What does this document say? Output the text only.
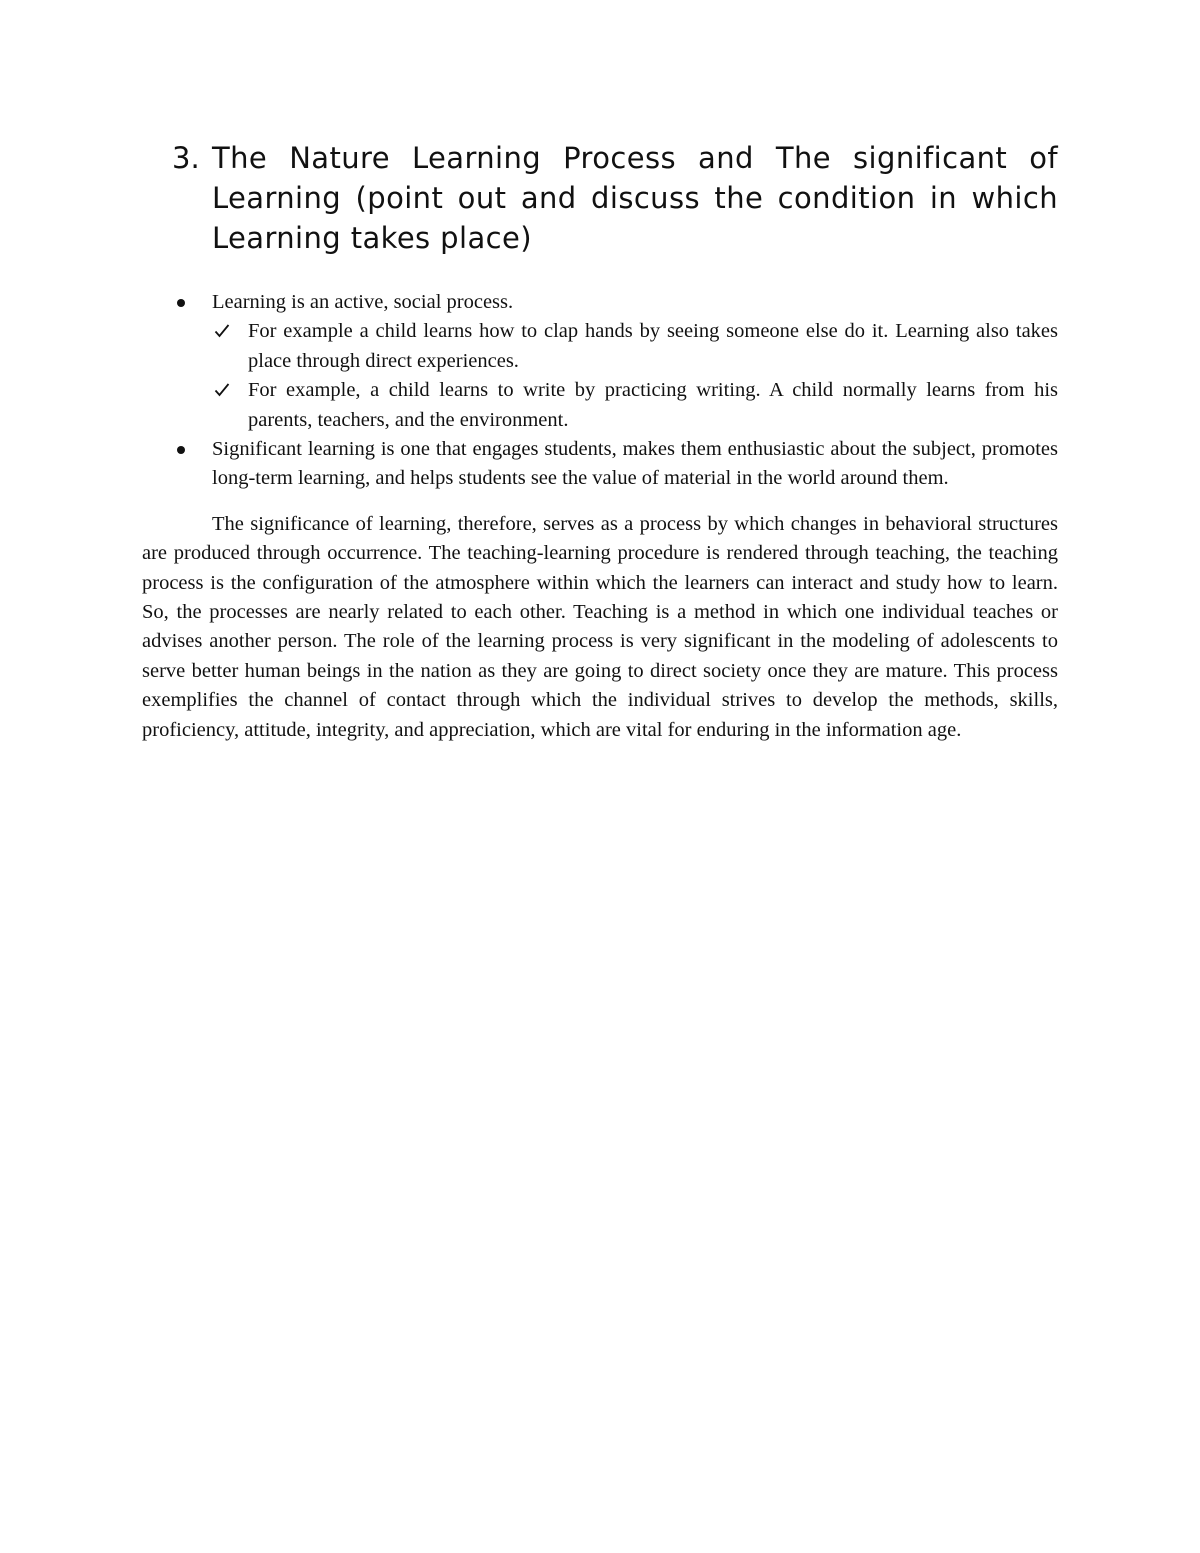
3. The Nature Learning Process and The significant of Learning (point out and discuss the condition in which Learning takes place)
Learning is an active, social process.
For example a child learns how to clap hands by seeing someone else do it. Learning also takes place through direct experiences.
For example, a child learns to write by practicing writing. A child normally learns from his parents, teachers, and the environment.
Significant learning is one that engages students, makes them enthusiastic about the subject, promotes long-term learning, and helps students see the value of material in the world around them.

The significance of learning, therefore, serves as a process by which changes in behavioral structures are produced through occurrence. The teaching-learning procedure is rendered through teaching, the teaching process is the configuration of the atmosphere within which the learners can interact and study how to learn. So, the processes are nearly related to each other. Teaching is a method in which one individual teaches or advises another person. The role of the learning process is very significant in the modeling of adolescents to serve better human beings in the nation as they are going to direct society once they are mature. This process exemplifies the channel of contact through which the individual strives to develop the methods, skills, proficiency, attitude, integrity, and appreciation, which are vital for enduring in the information age.
